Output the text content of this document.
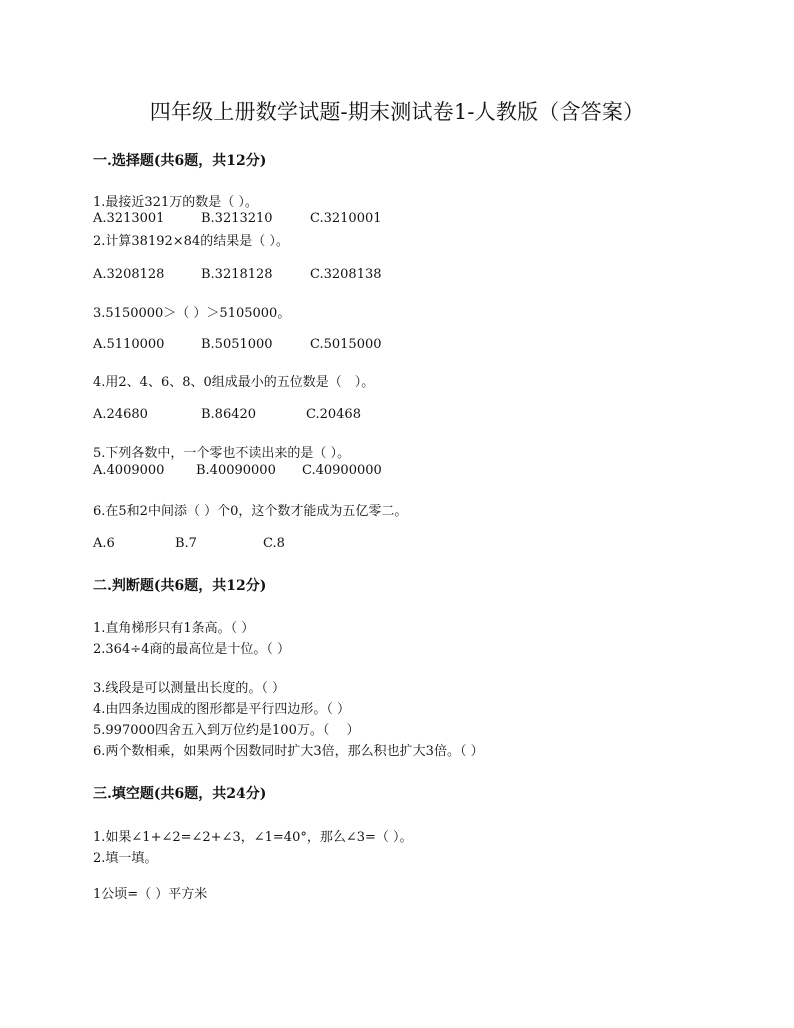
四年级上册数学试题-期末测试卷1-人教版（含答案）
一.选择题(共6题，共12分)
1.最接近321万的数是（ ）。
A.3213001	B.3213210	C.3210001
2.计算38192×84的结果是（ ）。
A.3208128	B.3218128	C.3208138
3.5150000＞（ ）＞5105000。
A.5110000	B.5051000	C.5015000
4.用2、4、6、8、0组成最小的五位数是（　）。
A.24680	B.86420	C.20468
5.下列各数中，一个零也不读出来的是（ ）。
A.4009000 B.40090000 C.40900000
6.在5和2中间添（ ）个0，这个数才能成为五亿零二。
A.6	B.7	C.8
二.判断题(共6题，共12分)
1.直角梯形只有1条高。（ ）
2.364÷4商的最高位是十位。（ ）
3.线段是可以测量出长度的。（ ）
4.由四条边围成的图形都是平行四边形。（ ）
5.997000四舍五入到万位约是100万。（　 ）
6.两个数相乘，如果两个因数同时扩大3倍，那么积也扩大3倍。（ ）
三.填空题(共6题，共24分)
1.如果∠1+∠2=∠2+∠3，∠1=40°，那么∠3=（ ）。
2.填一填。
1公顷=（ ）平方米
